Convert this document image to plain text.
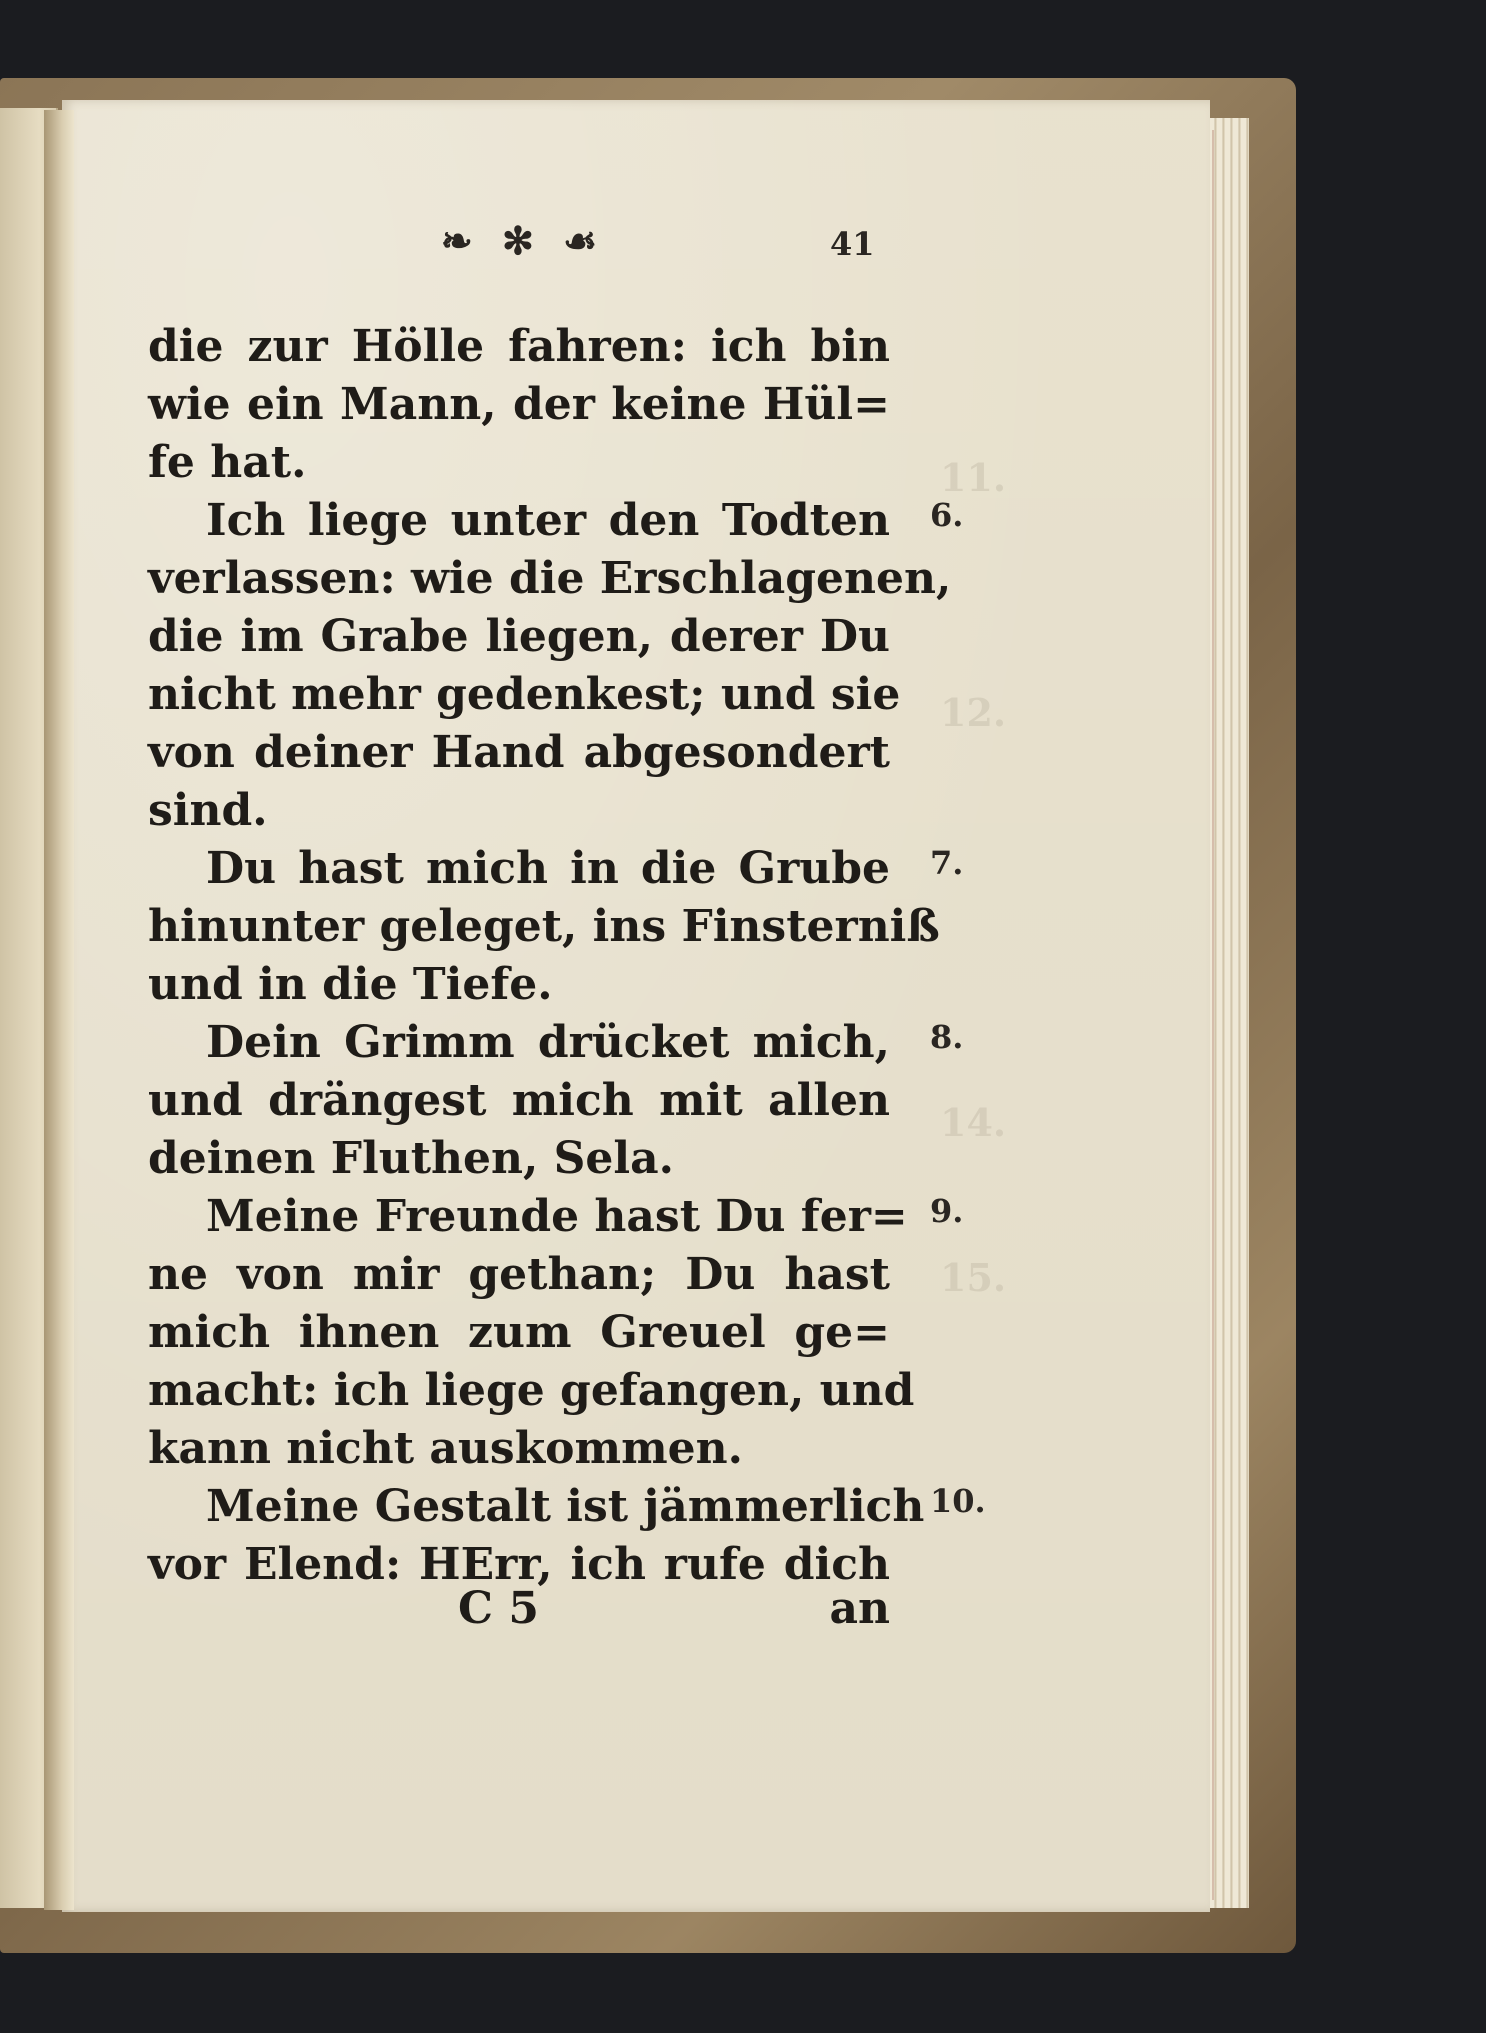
11.
12.
14.
15.
❧ ✻ ☙	41
die zur Hölle fahren: ich bin
wie ein Mann, der keine Hül=
fe hat.
Ich liege unter den Todten
verlassen: wie die Erschlagenen,
die im Grabe liegen, derer Du
nicht mehr gedenkest; und sie
von deiner Hand abgesondert
sind.
Du hast mich in die Grube
hinunter geleget, ins Finsterniß
und in die Tiefe.
Dein Grimm drücket mich,
und drängest mich mit allen
deinen Fluthen, Sela.
Meine Freunde hast Du fer=
ne von mir gethan; Du hast
mich ihnen zum Greuel ge=
macht: ich liege gefangen, und
kann nicht auskommen.
Meine Gestalt ist jämmerlich
vor Elend: HErr, ich rufe dich
6.
7.
8.
9.
10.
C 5	an
